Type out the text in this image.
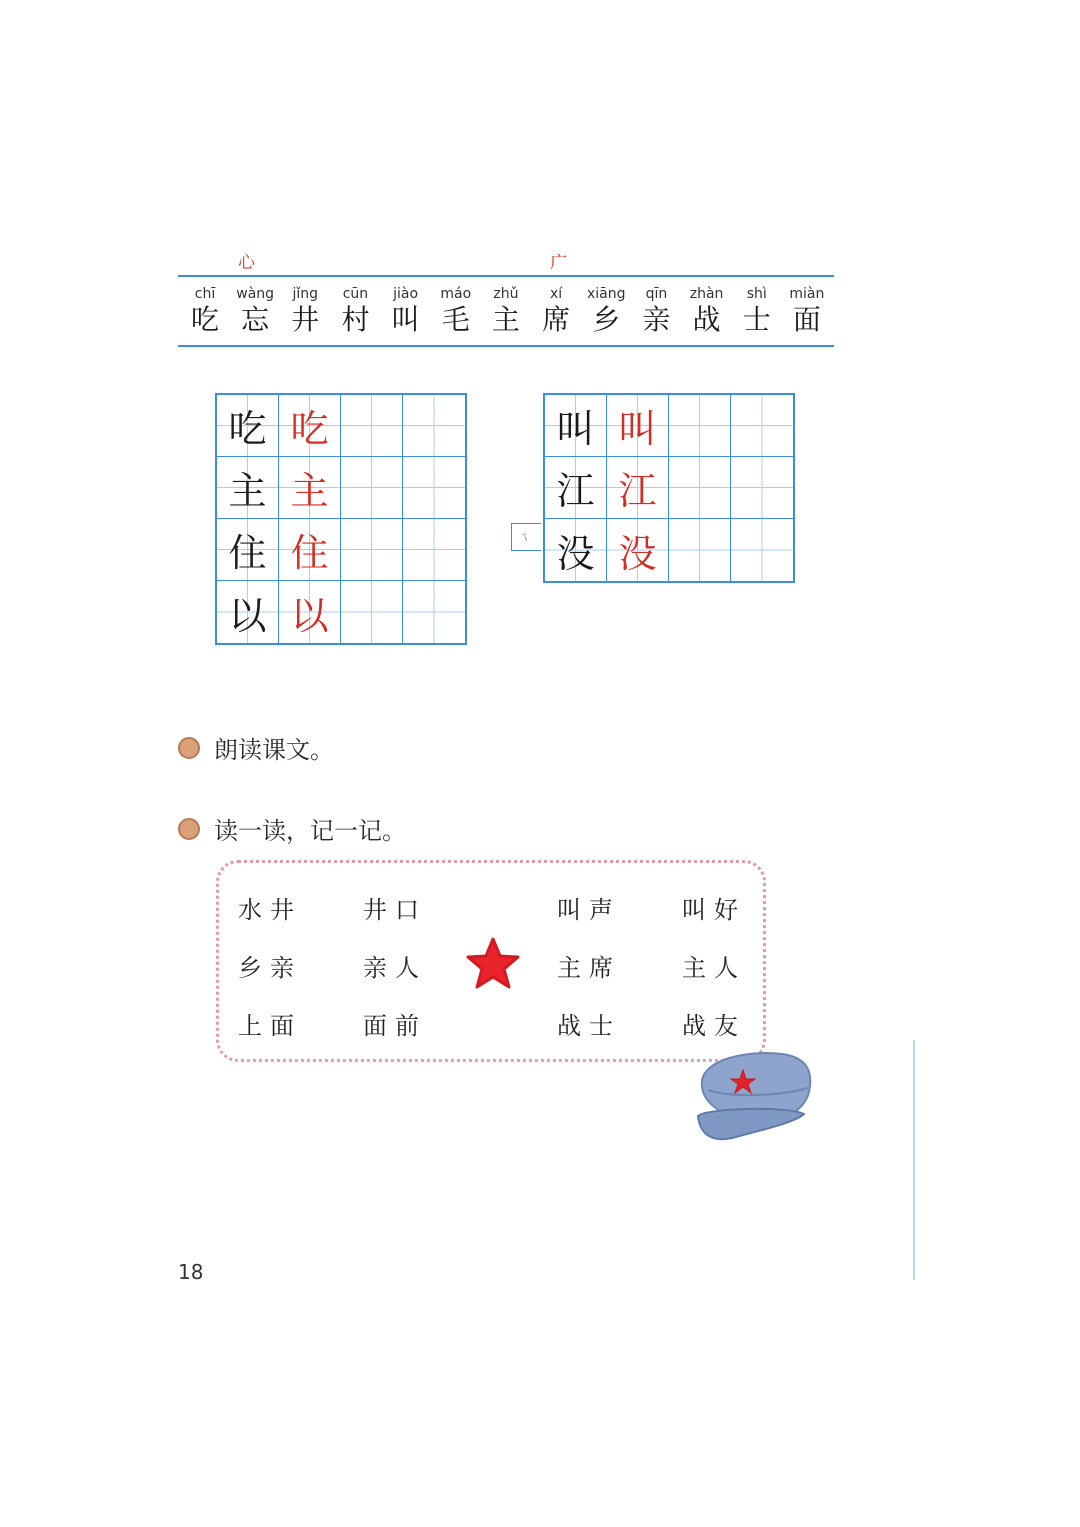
心	广
chī
吃
wàng
忘
jǐng
井
cūn
村
jiào
叫
máo
毛
zhǔ
主
xí
席
xiāng
乡
qīn
亲
zhàn
战
shì
士
miàn
面
吃 吃
主 主
住 住
以 以
ㄟ
叫 叫
江 江
没 没
朗读课文。
读一读，记一记。
水井	井口	叫声	叫好
乡亲	亲人	主席	主人
上面	面前	战士	战友
18
